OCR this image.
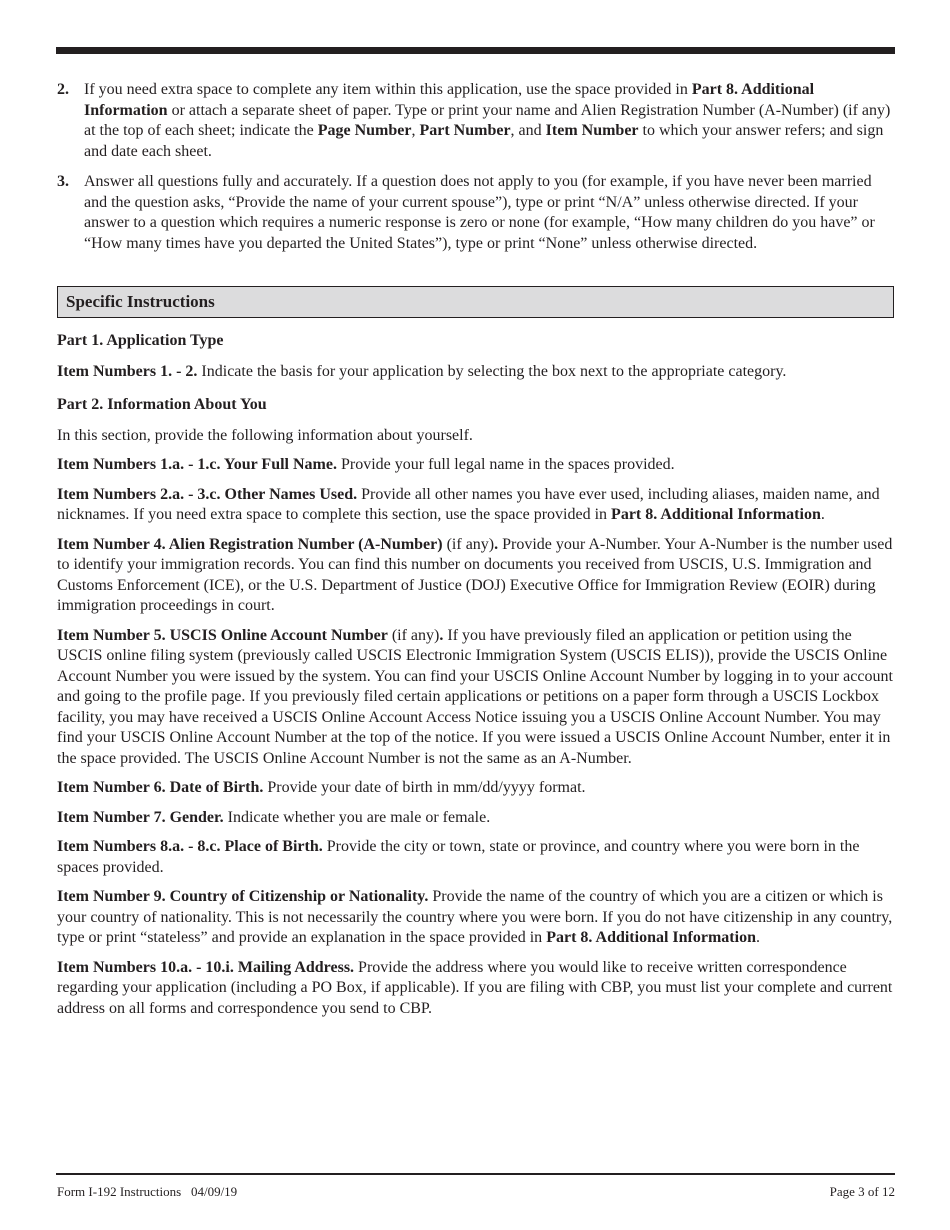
2. If you need extra space to complete any item within this application, use the space provided in Part 8. Additional Information or attach a separate sheet of paper. Type or print your name and Alien Registration Number (A-Number) (if any) at the top of each sheet; indicate the Page Number, Part Number, and Item Number to which your answer refers; and sign and date each sheet.
3. Answer all questions fully and accurately. If a question does not apply to you (for example, if you have never been married and the question asks, “Provide the name of your current spouse”), type or print “N/A” unless otherwise directed. If your answer to a question which requires a numeric response is zero or none (for example, “How many children do you have” or “How many times have you departed the United States”), type or print “None” unless otherwise directed.
Specific Instructions
Part 1. Application Type

Item Numbers 1. - 2. Indicate the basis for your application by selecting the box next to the appropriate category.

Part 2. Information About You

In this section, provide the following information about yourself.

Item Numbers 1.a. - 1.c. Your Full Name. Provide your full legal name in the spaces provided.

Item Numbers 2.a. - 3.c. Other Names Used. Provide all other names you have ever used, including aliases, maiden name, and nicknames. If you need extra space to complete this section, use the space provided in Part 8. Additional Information.

Item Number 4. Alien Registration Number (A-Number) (if any). Provide your A-Number. Your A-Number is the number used to identify your immigration records. You can find this number on documents you received from USCIS, U.S. Immigration and Customs Enforcement (ICE), or the U.S. Department of Justice (DOJ) Executive Office for Immigration Review (EOIR) during immigration proceedings in court.

Item Number 5. USCIS Online Account Number (if any). If you have previously filed an application or petition using the USCIS online filing system (previously called USCIS Electronic Immigration System (USCIS ELIS)), provide the USCIS Online Account Number you were issued by the system. You can find your USCIS Online Account Number by logging in to your account and going to the profile page. If you previously filed certain applications or petitions on a paper form through a USCIS Lockbox facility, you may have received a USCIS Online Account Access Notice issuing you a USCIS Online Account Number. You may find your USCIS Online Account Number at the top of the notice. If you were issued a USCIS Online Account Number, enter it in the space provided. The USCIS Online Account Number is not the same as an A-Number.

Item Number 6. Date of Birth. Provide your date of birth in mm/dd/yyyy format.

Item Number 7. Gender. Indicate whether you are male or female.

Item Numbers 8.a. - 8.c. Place of Birth. Provide the city or town, state or province, and country where you were born in the spaces provided.

Item Number 9. Country of Citizenship or Nationality. Provide the name of the country of which you are a citizen or which is your country of nationality. This is not necessarily the country where you were born. If you do not have citizenship in any country, type or print “stateless” and provide an explanation in the space provided in Part 8. Additional Information.

Item Numbers 10.a. - 10.i. Mailing Address. Provide the address where you would like to receive written correspondence regarding your application (including a PO Box, if applicable). If you are filing with CBP, you must list your complete and current address on all forms and correspondence you send to CBP.

Form I-192 Instructions   04/09/19	Page 3 of 12
